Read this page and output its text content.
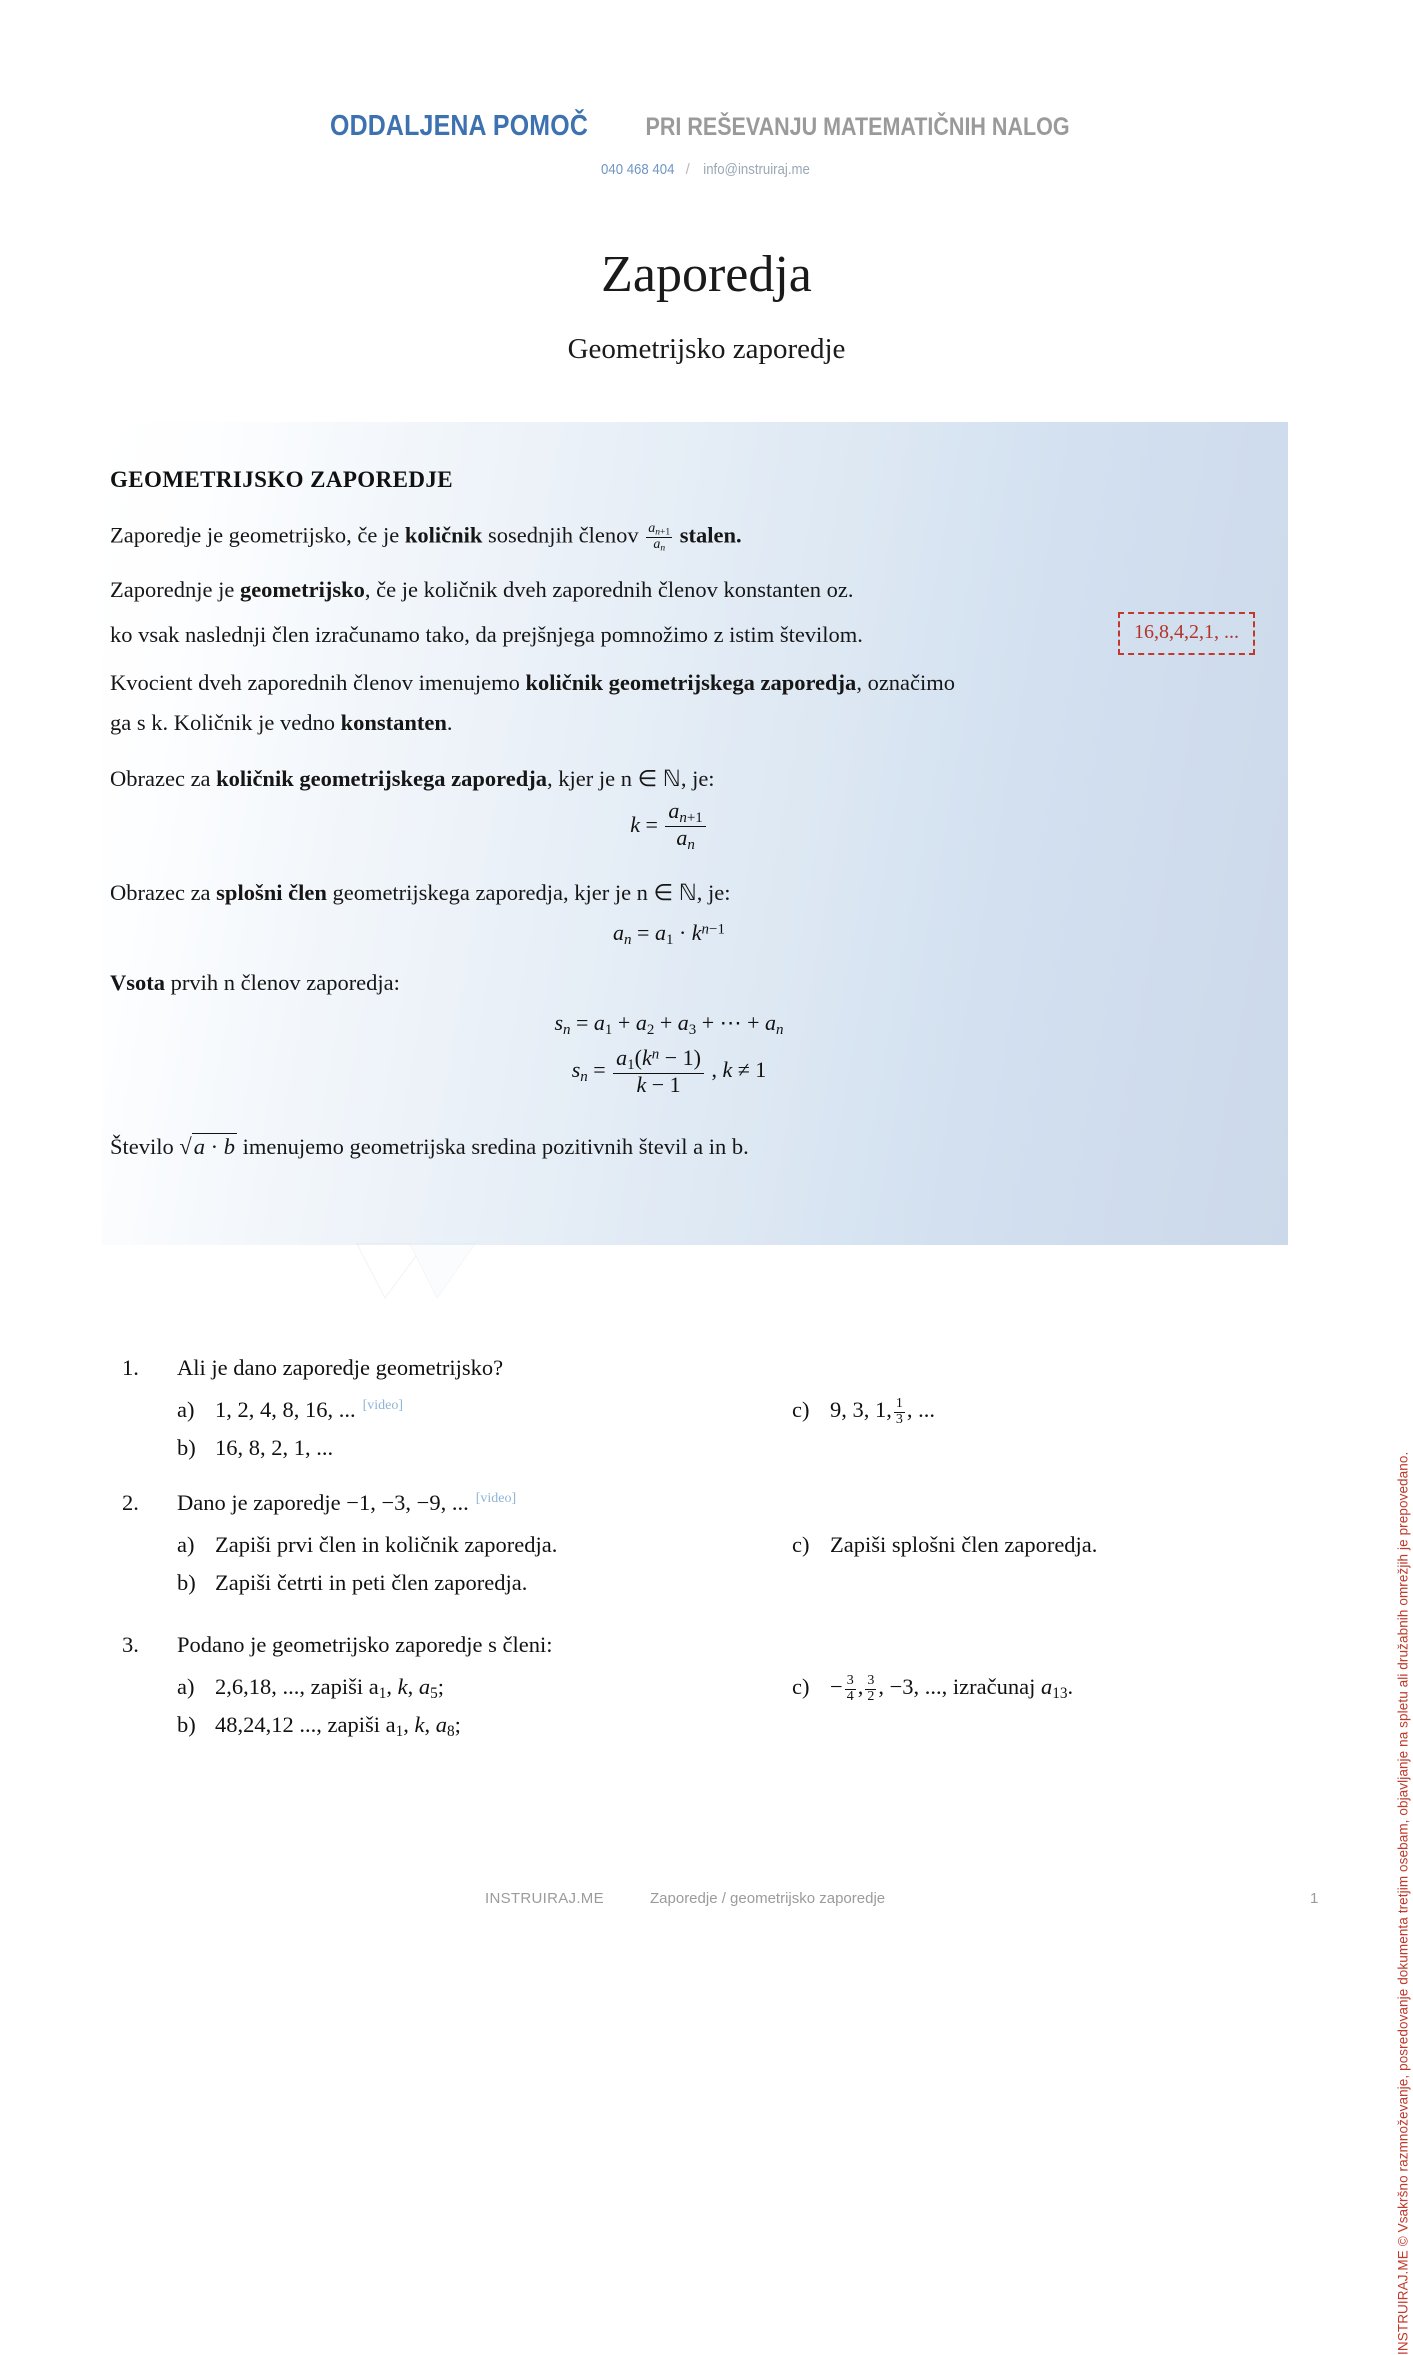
ODDALJENA POMOČ PRI REŠEVANJU MATEMATIČNIH NALOG
040 468 404 / info@instruiraj.me
Zaporedja
Geometrijsko zaporedje
GEOMETRIJSKO ZAPOREDJE
Zaporedje je geometrijsko, če je količnik sosednjih členov $\frac{a_{n+1}}{a_n}$ stalen.
Zaporednje je geometrijsko, če je količnik dveh zaporednih členov konstanten oz.
ko vsak naslednji člen izračunamo tako, da prejšnjega pomnožimo z istim številom.
Kvocient dveh zaporednih členov imenujemo količnik geometrijskega zaporedja, označimo
ga s k. Količnik je vedno konstanten.
Obrazec za količnik geometrijskega zaporedja, kjer je n ∈ ℕ, je:
$k = \frac{a_{n+1}}{a_n}$
Obrazec za splošni člen geometrijskega zaporedja, kjer je n ∈ ℕ, je:
$a_n = a_1 \cdot k^{n-1}$
Vsota prvih n členov zaporedja:
$s_n = a_1 + a_2 + a_3$ + ⋯ + $a_n$
$s_n = \frac{a_1(k^n - 1)}{k - 1}$ , k ≠ 1
Število √a · b imenujemo geometrijska sredina pozitivnih števil a in b.
16,8,4,2,1, ...
1. Ali je dano zaporedje geometrijsko?
a) 1, 2, 4, 8, 16, ... [video]
b) 16, 8, 2, 1, ...
c) 9, 3, 1, $\frac{1}{3}$ , ...
2. Dano je zaporedje −1, −3, −9, ... [video]
a) Zapiši prvi člen in količnik zaporedja.
b) Zapiši četrti in peti člen zaporedja.
c) Zapiši splošni člen zaporedja.
3. Podano je geometrijsko zaporedje s členi:
a) 2,6,18, ..., zapiši $a_1$, k, $a_5$;
b) 48,24,12 ..., zapiši $a_1$, k, $a_8$;
$c) - \frac{3}{4}$ , $\frac{3}{2}$ , −3, ..., izračunaj $a_{13}$.	INSTRUIRAJ.ME © Vsakršno razmnoževanje, posredovanje dokumenta tretjim osebam, objavljanje na spletu ali družabnih omrežjih je prepovedano.
INSTRUIRAJ.ME	Zaporedje / geometrijsko zaporedje	1
